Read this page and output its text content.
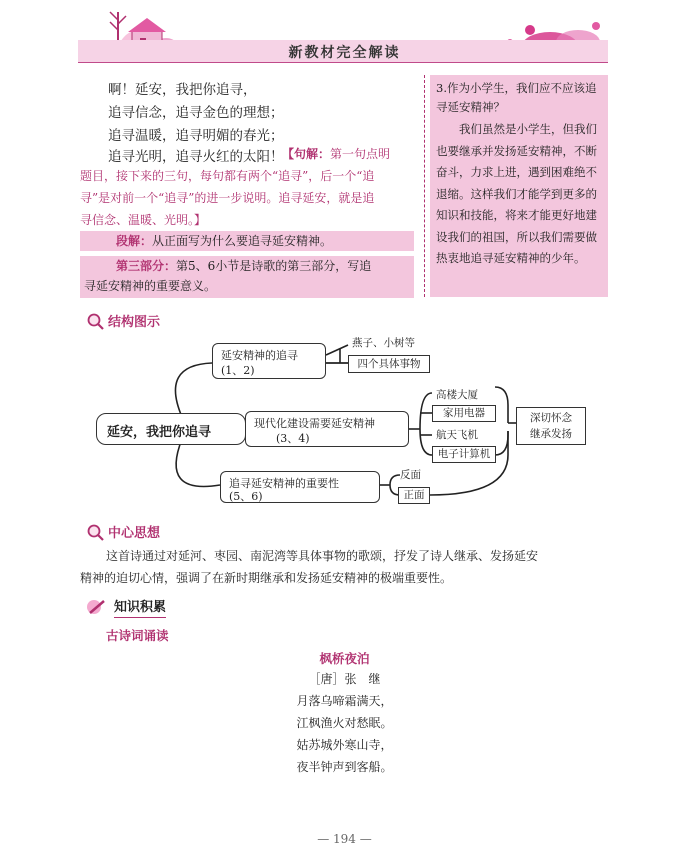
新教材完全解读
啊！延安，我把你追寻，
追寻信念，追寻金色的理想；
追寻温暖，追寻明媚的春光；
追寻光明，追寻火红的太阳！
【句解：第一句点明
题目，接下来的三句，每句都有两个“追寻”，后一个“追
寻”是对前一个“追寻”的进一步说明。追寻延安，就是追
寻信念、温暖、光明。】
段解：从正面写为什么要追寻延安精神。
第三部分：第5、6小节是诗歌的第三部分，写追
寻延安精神的重要意义。
3.作为小学生，我们应不应该追
寻延安精神？
我们虽然是小学生，但我们也要继承并发扬延安精神，不断奋斗，力求上进，遇到困难绝不退缩。这样我们才能学到更多的知识和技能，将来才能更好地建设我们的祖国，所以我们需要做热衷地追寻延安精神的少年。
结构图示
延安，我把你追寻
延安精神的追寻
(1、2)
燕子、小树等
四个具体事物
现代化建设需要延安精神
(3、4)
高楼大厦
家用电器
航天飞机
电子计算机
追寻延安精神的重要性
(5、6)
反面
正面
深切怀念
继承发扬
中心思想
这首诗通过对延河、枣园、南泥湾等具体事物的歌颂，抒发了诗人继承、发扬延安
精神的迫切心情，强调了在新时期继承和发扬延安精神的极端重要性。
知识积累
古诗词诵读
枫桥夜泊
［唐］张　继
月落乌啼霜满天，
江枫渔火对愁眠。
姑苏城外寒山寺，
夜半钟声到客船。
— 194 —
